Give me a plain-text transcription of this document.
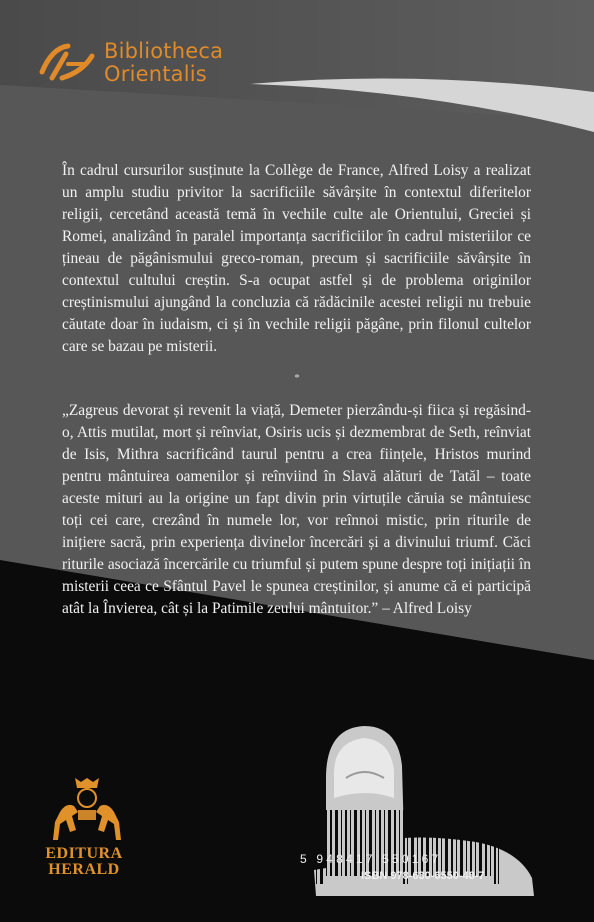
Bibliotheca
Orientalis
În cadrul cursurilor susținute la Collège de France, Alfred Loisy a realizat un amplu studiu privitor la sacrificiile săvârșite în contextul diferitelor religii, cercetând această temă în vechile culte ale Orientului, Greciei și Romei, analizând în paralel importanța sacrificiilor în cadrul misteriilor ce țineau de păgânismului greco-roman, precum și sacrificiile săvârșite în contextul cultului creștin. S-a ocupat astfel și de problema originilor creștinismului ajungând la concluzia că rădăcinile acestei religii nu trebuie căutate doar în iudaism, ci și în vechile religii păgâne, prin filonul cultelor care se bazau pe misterii.
*
„Zagreus devorat și revenit la viață, Demeter pierzându-și fiica și regăsind-o, Attis mutilat, mort și reînviat, Osiris ucis și dezmembrat de Seth, reînviat de Isis, Mithra sacrificând taurul pentru a crea ființele, Hristos murind pentru mântuirea oamenilor și reînviind în Slavă alături de Tatăl – toate aceste mituri au la origine un fapt divin prin virtuțile căruia se mântuiesc toți cei care, crezând în numele lor, vor reînnoi mistic, prin riturile de inițiere sacră, prin experiența divinelor încercări și a divinului triumf. Căci riturile asociază încercările cu triumful și putem spune despre toți inițiații în misterii ceea ce Sfântul Pavel le spunea creștinilor, și anume că ei participă atât la Învierea, cât și la Patimile zeului mântuitor.” – Alfred Loisy
EDITURA
HERALD
5 948417 550167
ISBN 978-630-6550-48-7
